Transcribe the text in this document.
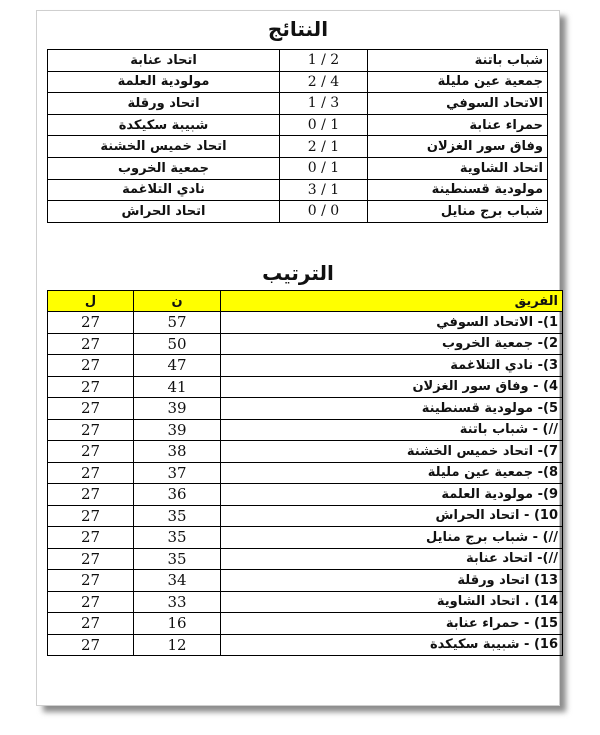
النتائج
اتحاد عنابة	1 / 2	شباب باتنة
مولودية العلمة	2 / 4	جمعية عين مليلة
اتحاد ورقلة	1 / 3	الاتحاد السوفي
شبيبة سكيكدة	0 / 1	حمراء عنابة
اتحاد خميس الخشنة	2 / 1	وفاق سور الغزلان
جمعية الخروب	0 / 1	اتحاد الشاوية
نادي التلاغمة	3 / 1	مولودية قسنطينة
اتحاد الحراش	0 / 0	شباب برج منايل
الترتيب
ل	ن	الفريق
27	57	1)- الاتحاد السوفي
27	50	2)- جمعية الخروب
27	47	3)- نادي التلاغمة
27	41	4) - وفاق سور الغزلان
27	39	5)- مولودية قسنطينة
27	39	//) - شباب باتنة
27	38	7)- اتحاد خميس الخشنة
27	37	8)- جمعية عين مليلة
27	36	9)- مولودية العلمة
27	35	10) - اتحاد الحراش
27	35	//) - شباب برج منايل
27	35	//)- اتحاد عنابة
27	34	13) اتحاد ورقلة
27	33	14) . اتحاد الشاوية
27	16	15) - حمراء عنابة
27	12	16) - شبيبة سكيكدة
